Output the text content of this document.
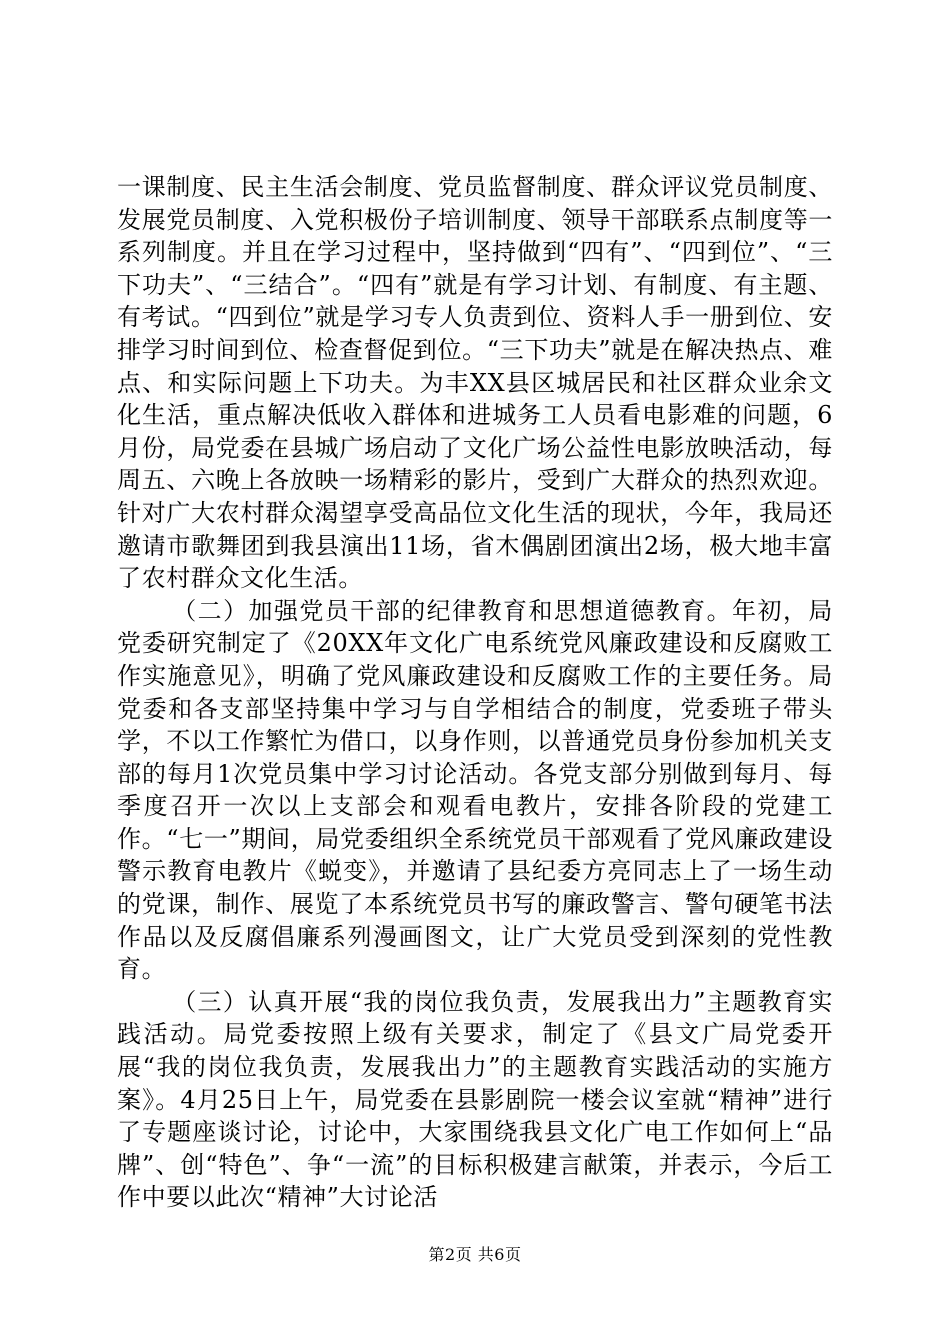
一课制度、民主生活会制度、党员监督制度、群众评议党员制度、发展党员制度、入党积极份子培训制度、领导干部联系点制度等一系列制度。并且在学习过程中，坚持做到“四有”、“四到位”、“三下功夫”、“三结合”。“四有”就是有学习计划、有制度、有主题、有考试。“四到位”就是学习专人负责到位、资料人手一册到位、安排学习时间到位、检查督促到位。“三下功夫”就是在解决热点、难点、和实际问题上下功夫。为丰XX县区城居民和社区群众业余文化生活，重点解决低收入群体和进城务工人员看电影难的问题，6月份，局党委在县城广场启动了文化广场公益性电影放映活动，每周五、六晚上各放映一场精彩的影片，受到广大群众的热烈欢迎。针对广大农村群众渴望享受高品位文化生活的现状，今年，我局还邀请市歌舞团到我县演出11场，省木偶剧团演出2场，极大地丰富了农村群众文化生活。

（二）加强党员干部的纪律教育和思想道德教育。年初，局党委研究制定了《20XX年文化广电系统党风廉政建设和反腐败工作实施意见》，明确了党风廉政建设和反腐败工作的主要任务。局党委和各支部坚持集中学习与自学相结合的制度，党委班子带头学，不以工作繁忙为借口，以身作则，以普通党员身份参加机关支部的每月1次党员集中学习讨论活动。各党支部分别做到每月、每季度召开一次以上支部会和观看电教片，安排各阶段的党建工作。“七一”期间，局党委组织全系统党员干部观看了党风廉政建设警示教育电教片《蜕变》，并邀请了县纪委方亮同志上了一场生动的党课，制作、展览了本系统党员书写的廉政警言、警句硬笔书法作品以及反腐倡廉系列漫画图文，让广大党员受到深刻的党性教育。

（三）认真开展“我的岗位我负责，发展我出力”主题教育实践活动。局党委按照上级有关要求，制定了《县文广局党委开展“我的岗位我负责，发展我出力”的主题教育实践活动的实施方案》。4月25日上午，局党委在县影剧院一楼会议室就“精神”进行了专题座谈讨论，讨论中，大家围绕我县文化广电工作如何上“品牌”、创“特色”、争“一流”的目标积极建言献策，并表示，今后工作中要以此次“精神”大讨论活

第2页 共6页
